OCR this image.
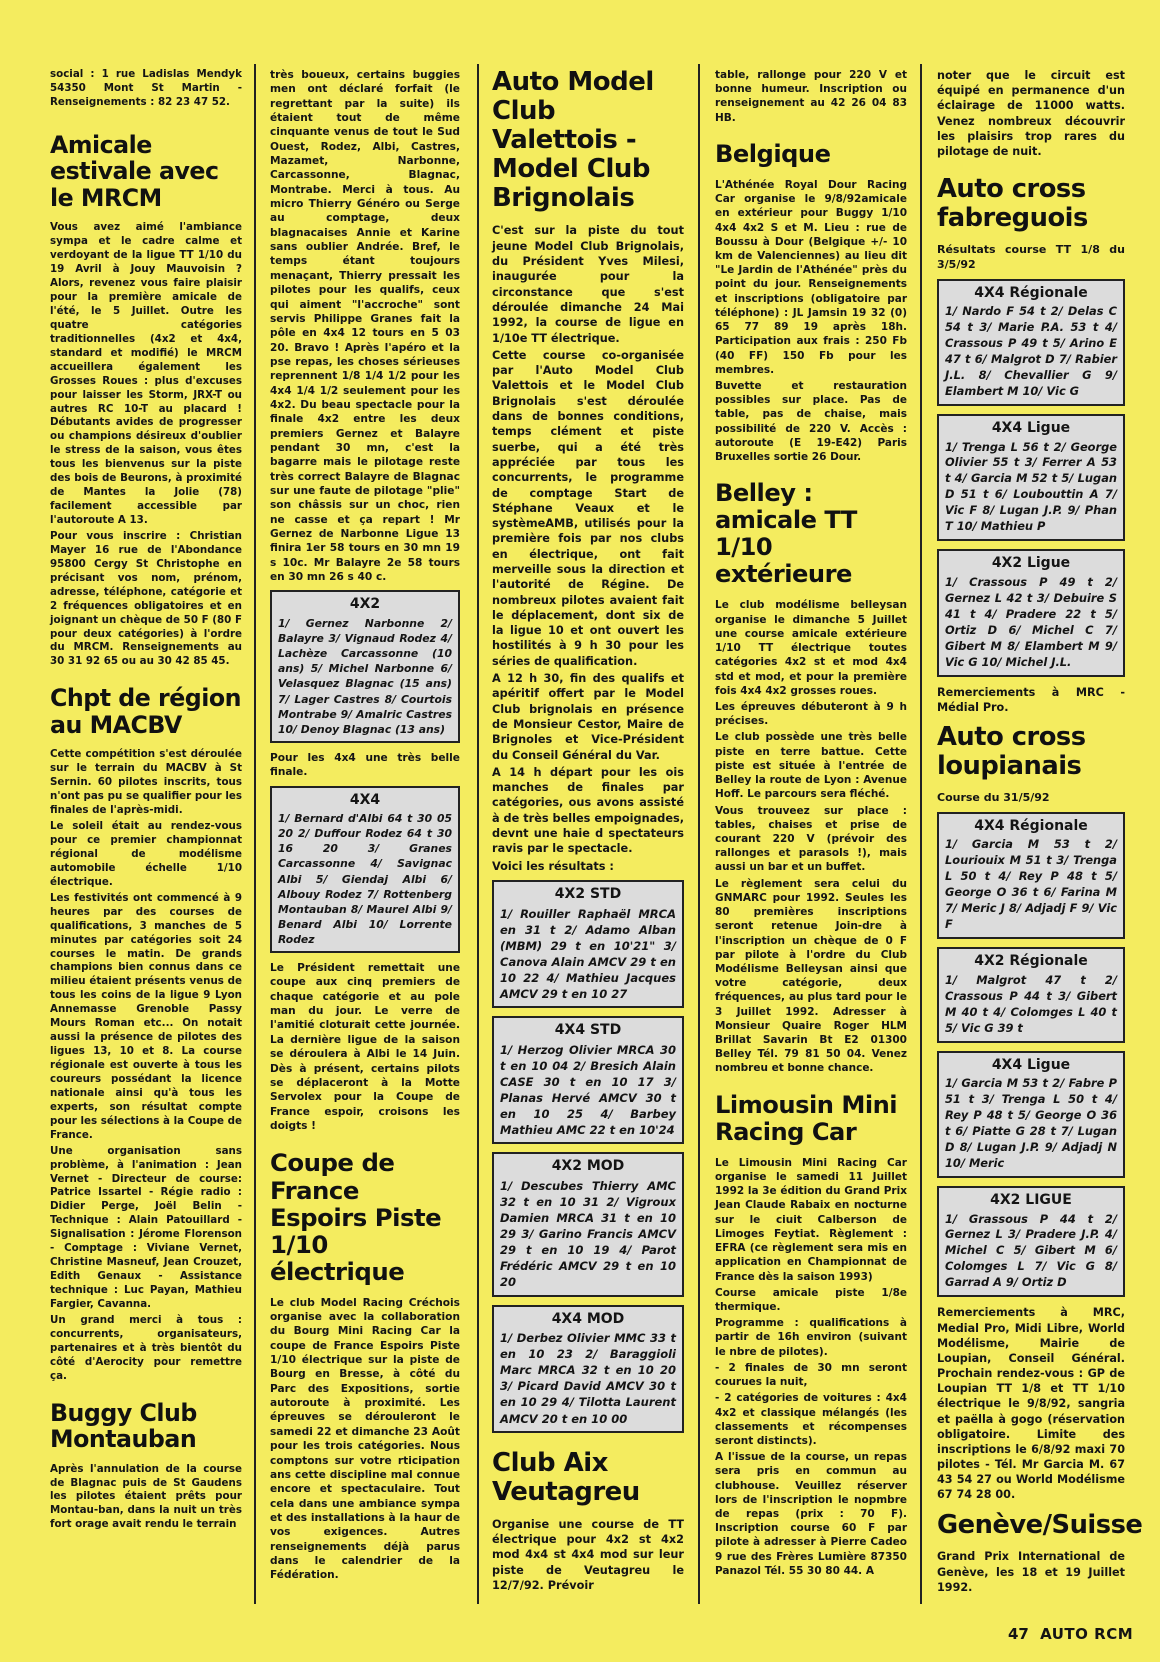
social : 1 rue Ladislas Mendyk 54350 Mont St Martin - Renseignements : 82 23 47 52.

Amicale estivale avec le MRCM

Vous avez aimé l'ambiance sympa et le cadre calme et verdoyant de la ligue TT 1/10 du 19 Avril à Jouy Mauvoisin ? Alors, revenez vous faire plaisir pour la première amicale de l'été, le 5 Juillet. Outre les quatre catégories traditionnelles (4x2 et 4x4, standard et modifié) le MRCM accueillera également les Grosses Roues : plus d'excuses pour laisser les Storm, JRX-T ou autres RC 10-T au placard ! Débutants avides de progresser ou champions désireux d'oublier le stress de la saison, vous êtes tous les bienvenus sur la piste des bois de Beurons, à proximité de Mantes la Jolie (78) facilement accessible par l'autoroute A 13.

Pour vous inscrire : Christian Mayer 16 rue de l'Abondance 95800 Cergy St Christophe en précisant vos nom, prénom, adresse, téléphone, catégorie et 2 fréquences obligatoires et en joignant un chèque de 50 F (80 F pour deux catégories) à l'ordre du MRCM. Renseignements au 30 31 92 65 ou au 30 42 85 45.

Chpt de région au MACBV

Cette compétition s'est déroulée sur le terrain du MACBV à St Sernin. 60 pilotes inscrits, tous n'ont pas pu se qualifier pour les finales de l'après-midi.

Le soleil était au rendez-vous pour ce premier championnat régional de modélisme automobile échelle 1/10 électrique.

Les festivités ont commencé à 9 heures par des courses de qualifications, 3 manches de 5 minutes par catégories soit 24 courses le matin. De grands champions bien connus dans ce milieu étaient présents venus de tous les coins de la ligue 9 Lyon Annemasse Grenoble Passy Mours Roman etc... On notait aussi la présence de pilotes des ligues 13, 10 et 8. La course régionale est ouverte à tous les coureurs possédant la licence nationale ainsi qu'à tous les experts, son résultat compte pour les sélections à la Coupe de France.

Une organisation sans problème, à l'animation : Jean Vernet - Directeur de course: Patrice Issartel - Régie radio : Didier Perge, Joël Belin - Technique : Alain Patouillard - Signalisation : Jérome Florenson - Comptage : Viviane Vernet, Christine Masneuf, Jean Crouzet, Edith Genaux - Assistance technique : Luc Payan, Mathieu Fargier, Cavanna.

Un grand merci à tous : concurrents, organisateurs, partenaires et à très bientôt du côté d'Aerocity pour remettre ça.

Buggy Club Montauban

Après l'annulation de la course de Blagnac puis de St Gaudens les pilotes étaient prêts pour Montau-ban, dans la nuit un très fort orage avait rendu le terrain

très boueux, certains buggies men ont déclaré forfait (le regrettant par la suite) ils étaient tout de même cinquante venus de tout le Sud Ouest, Rodez, Albi, Castres, Mazamet, Narbonne, Carcassonne, Blagnac, Montrabe. Merci à tous. Au micro Thierry Généro ou Serge au comptage, deux blagnacaises Annie et Karine sans oublier Andrée. Bref, le temps étant toujours menaçant, Thierry pressait les pilotes pour les qualifs, ceux qui aiment "l'accroche" sont servis Philippe Granes fait la pôle en 4x4 12 tours en 5 03 20. Bravo ! Après l'apéro et la pse repas, les choses sérieuses reprennent 1/8 1/4 1/2 pour les 4x4 1/4 1/2 seulement pour les 4x2. Du beau spectacle pour la finale 4x2 entre les deux premiers Gernez et Balayre pendant 30 mn, c'est la bagarre mais le pilotage reste très correct Balayre de Blagnac sur une faute de pilotage "plie" son châssis sur un choc, rien ne casse et ça repart ! Mr Gernez de Narbonne Ligue 13 finira 1er 58 tours en 30 mn 19 s 10c. Mr Balayre 2e 58 tours en 30 mn 26 s 40 c.

4X2
1/ Gernez Narbonne 2/ Balayre 3/ Vignaud Rodez 4/ Lachèze Carcassonne (10 ans) 5/ Michel Narbonne 6/ Velasquez Blagnac (15 ans) 7/ Lager Castres 8/ Courtois Montrabe 9/ Amalric Castres 10/ Denoy Blagnac (13 ans)

Pour les 4x4 une très belle finale.

4X4
1/ Bernard d'Albi 64 t 30 05 20 2/ Duffour Rodez 64 t 30 16 20 3/ Granes Carcassonne 4/ Savignac Albi 5/ Giendaj Albi 6/ Albouy Rodez 7/ Rottenberg Montauban 8/ Maurel Albi 9/ Benard Albi 10/ Lorrente Rodez

Le Président remettait une coupe aux cinq premiers de chaque catégorie et au pole man du jour. Le verre de l'amitié cloturait cette journée. La dernière ligue de la saison se déroulera à Albi le 14 Juin. Dès à présent, certains pilots se déplaceront à la Motte Servolex pour la Coupe de France espoir, croisons les doigts !

Coupe de France Espoirs Piste 1/10 électrique

Le club Model Racing Créchois organise avec la collaboration du Bourg Mini Racing Car la coupe de France Espoirs Piste 1/10 électrique sur la piste de Bourg en Bresse, à côté du Parc des Expositions, sortie autoroute à proximité. Les épreuves se dérouleront le samedi 22 et dimanche 23 Août pour les trois catégories. Nous comptons sur votre rticipation ans cette discipline mal connue encore et spectaculaire. Tout cela dans une ambiance sympa et des installations à la haur de vos exigences. Autres renseignements déjà parus dans le calendrier de la Fédération.

Auto Model Club Valettois - Model Club Brignolais

C'est sur la piste du tout jeune Model Club Brignolais, du Président Yves Milesi, inaugurée pour la circonstance que s'est déroulée dimanche 24 Mai 1992, la course de ligue en 1/10e TT électrique.

Cette course co-organisée par l'Auto Model Club Valettois et le Model Club Brignolais s'est déroulée dans de bonnes conditions, temps clément et piste suerbe, qui a été très appréciée par tous les concurrents, le programme de comptage Start de Stéphane Veaux et le systèmeAMB, utilisés pour la première fois par nos clubs en électrique, ont fait merveille sous la direction et l'autorité de Régine. De nombreux pilotes avaient fait le déplacement, dont six de la ligue 10 et ont ouvert les hostilités à 9 h 30 pour les séries de qualification.

A 12 h 30, fin des qualifs et apéritif offert par le Model Club brignolais en présence de Monsieur Cestor, Maire de Brignoles et Vice-Président du Conseil Général du Var.

A 14 h départ pour les ois manches de finales par catégories, ous avons assisté à de très belles empoignades, devnt une haie d spectateurs ravis par le spectacle.

Voici les résultats :

4X2 STD
1/ Rouiller Raphaël MRCA en 31 t 2/ Adamo Alban (MBM) 29 t en 10'21" 3/ Canova Alain AMCV 29 t en 10 22 4/ Mathieu Jacques AMCV 29 t en 10 27
4X4 STD
1/ Herzog Olivier MRCA 30 t en 10 04 2/ Bresich Alain CASE 30 t en 10 17 3/ Planas Hervé AMCV 30 t en 10 25 4/ Barbey Mathieu AMC 22 t en 10'24
4X2 MOD
1/ Descubes Thierry AMC 32 t en 10 31 2/ Vigroux Damien MRCA 31 t en 10 29 3/ Garino Francis AMCV 29 t en 10 19 4/ Parot Frédéric AMCV 29 t en 10 20
4X4 MOD
1/ Derbez Olivier MMC 33 t en 10 23 2/ Baraggioli Marc MRCA 32 t en 10 20 3/ Picard David AMCV 30 t en 10 29 4/ Tilotta Laurent AMCV 20 t en 10 00
Club Aix Veutagreu

Organise une course de TT électrique pour 4x2 st 4x2 mod 4x4 st 4x4 mod sur leur piste de Veutagreu le 12/7/92. Prévoir

table, rallonge pour 220 V et bonne humeur. Inscription ou renseignement au 42 26 04 83 HB.

Belgique

L'Athénée Royal Dour Racing Car organise le 9/8/92amicale en extérieur pour Buggy 1/10 4x4 4x2 S et M. Lieu : rue de Boussu à Dour (Belgique +/- 10 km de Valenciennes) au lieu dit "Le Jardin de l'Athénée" près du point du jour. Renseignements et inscriptions (obligatoire par téléphone) : JL Jamsin 19 32 (0) 65 77 89 19 après 18h. Participation aux frais : 250 Fb (40 FF) 150 Fb pour les membres.

Buvette et restauration possibles sur place. Pas de table, pas de chaise, mais possibilité de 220 V. Accès : autoroute (E 19-E42) Paris Bruxelles sortie 26 Dour.

Belley : amicale TT 1/10 extérieure

Le club modélisme belleysan organise le dimanche 5 Juillet une course amicale extérieure 1/10 TT électrique toutes catégories 4x2 st et mod 4x4 std et mod, et pour la première fois 4x4 4x2 grosses roues.

Les épreuves débuteront à 9 h précises.

Le club possède une très belle piste en terre battue. Cette piste est située à l'entrée de Belley la route de Lyon : Avenue Hoff. Le parcours sera fléché.

Vous trouveez sur place : tables, chaises et prise de courant 220 V (prévoir des rallonges et parasols !), mais aussi un bar et un buffet.

Le règlement sera celui du GNMARC pour 1992. Seules les 80 premières inscriptions seront retenue Join-dre à l'inscription un chèque de 0 F par pilote à l'ordre du Club Modélisme Belleysan ainsi que votre catégorie, deux fréquences, au plus tard pour le 3 Juillet 1992. Adresser à Monsieur Quaire Roger HLM Brillat Savarin Bt E2 01300 Belley Tél. 79 81 50 04. Venez nombreu et bonne chance.

Limousin Mini Racing Car

Le Limousin Mini Racing Car organise le samedi 11 Juillet 1992 la 3e édition du Grand Prix Jean Claude Rabaix en nocturne sur le ciuit Calberson de Limoges Feytiat. Règlement : EFRA (ce règlement sera mis en application en Championnat de France dès la saison 1993)

Course amicale piste 1/8e thermique.

Programme : qualifications à partir de 16h environ (suivant le nbre de pilotes).

- 2 finales de 30 mn seront courues la nuit,

- 2 catégories de voitures : 4x4 4x2 et classique mélangés (les classements et récompenses seront distincts).

A l'issue de la course, un repas sera pris en commun au clubhouse. Veuillez réserver lors de l'inscription le nopmbre de repas (prix : 70 F). Inscription course 60 F par pilote à adresser à Pierre Cadeo 9 rue des Frères Lumière 87350 Panazol Tél. 55 30 80 44. A

noter que le circuit est équipé en permanence d'un éclairage de 11000 watts. Venez nombreux découvrir les plaisirs trop rares du pilotage de nuit.

Auto cross fabreguois

Résultats course TT 1/8 du 3/5/92

4X4 Régionale
1/ Nardo F 54 t 2/ Delas C 54 t 3/ Marie P.A. 53 t 4/ Crassous P 49 t 5/ Arino E 47 t 6/ Malgrot D 7/ Rabier J.L. 8/ Chevallier G 9/ Elambert M 10/ Vic G
4X4 Ligue
1/ Trenga L 56 t 2/ George Olivier 55 t 3/ Ferrer A 53 t 4/ Garcia M 52 t 5/ Lugan D 51 t 6/ Loubouttin A 7/ Vic F 8/ Lugan J.P. 9/ Phan T 10/ Mathieu P
4X2 Ligue
1/ Crassous P 49 t 2/ Gernez L 42 t 3/ Debuire S 41 t 4/ Pradere 22 t 5/ Ortiz D 6/ Michel C 7/ Gibert M 8/ Elambert M 9/ Vic G 10/ Michel J.L.

Remerciements à MRC - Médial Pro.

Auto cross loupianais

Course du 31/5/92

4X4 Régionale
1/ Garcia M 53 t 2/ Louriouix M 51 t 3/ Trenga L 50 t 4/ Rey P 48 t 5/ George O 36 t 6/ Farina M 7/ Meric J 8/ Adjadj F 9/ Vic F
4X2 Régionale
1/ Malgrot 47 t 2/ Crassous P 44 t 3/ Gibert M 40 t 4/ Colomges L 40 t 5/ Vic G 39 t
4X4 Ligue
1/ Garcia M 53 t 2/ Fabre P 51 t 3/ Trenga L 50 t 4/ Rey P 48 t 5/ George O 36 t 6/ Piatte G 28 t 7/ Lugan D 8/ Lugan J.P. 9/ Adjadj N 10/ Meric
4X2 LIGUE
1/ Grassous P 44 t 2/ Gernez L 3/ Pradere J.P. 4/ Michel C 5/ Gibert M 6/ Colomges L 7/ Vic G 8/ Garrad A 9/ Ortiz D

Remerciements à MRC, Medial Pro, Midi Libre, World Modélisme, Mairie de Loupian, Conseil Général. Prochain rendez-vous : GP de Loupian TT 1/8 et TT 1/10 électrique le 9/8/92, sangria et paëlla à gogo (réservation obligatoire. Limite des inscriptions le 6/8/92 maxi 70 pilotes - Tél. Mr Garcia M. 67 43 54 27 ou World Modélisme 67 74 28 00.

Genève/Suisse

Grand Prix International de Genève, les 18 et 19 Juillet 1992.

47 AUTO RCM
